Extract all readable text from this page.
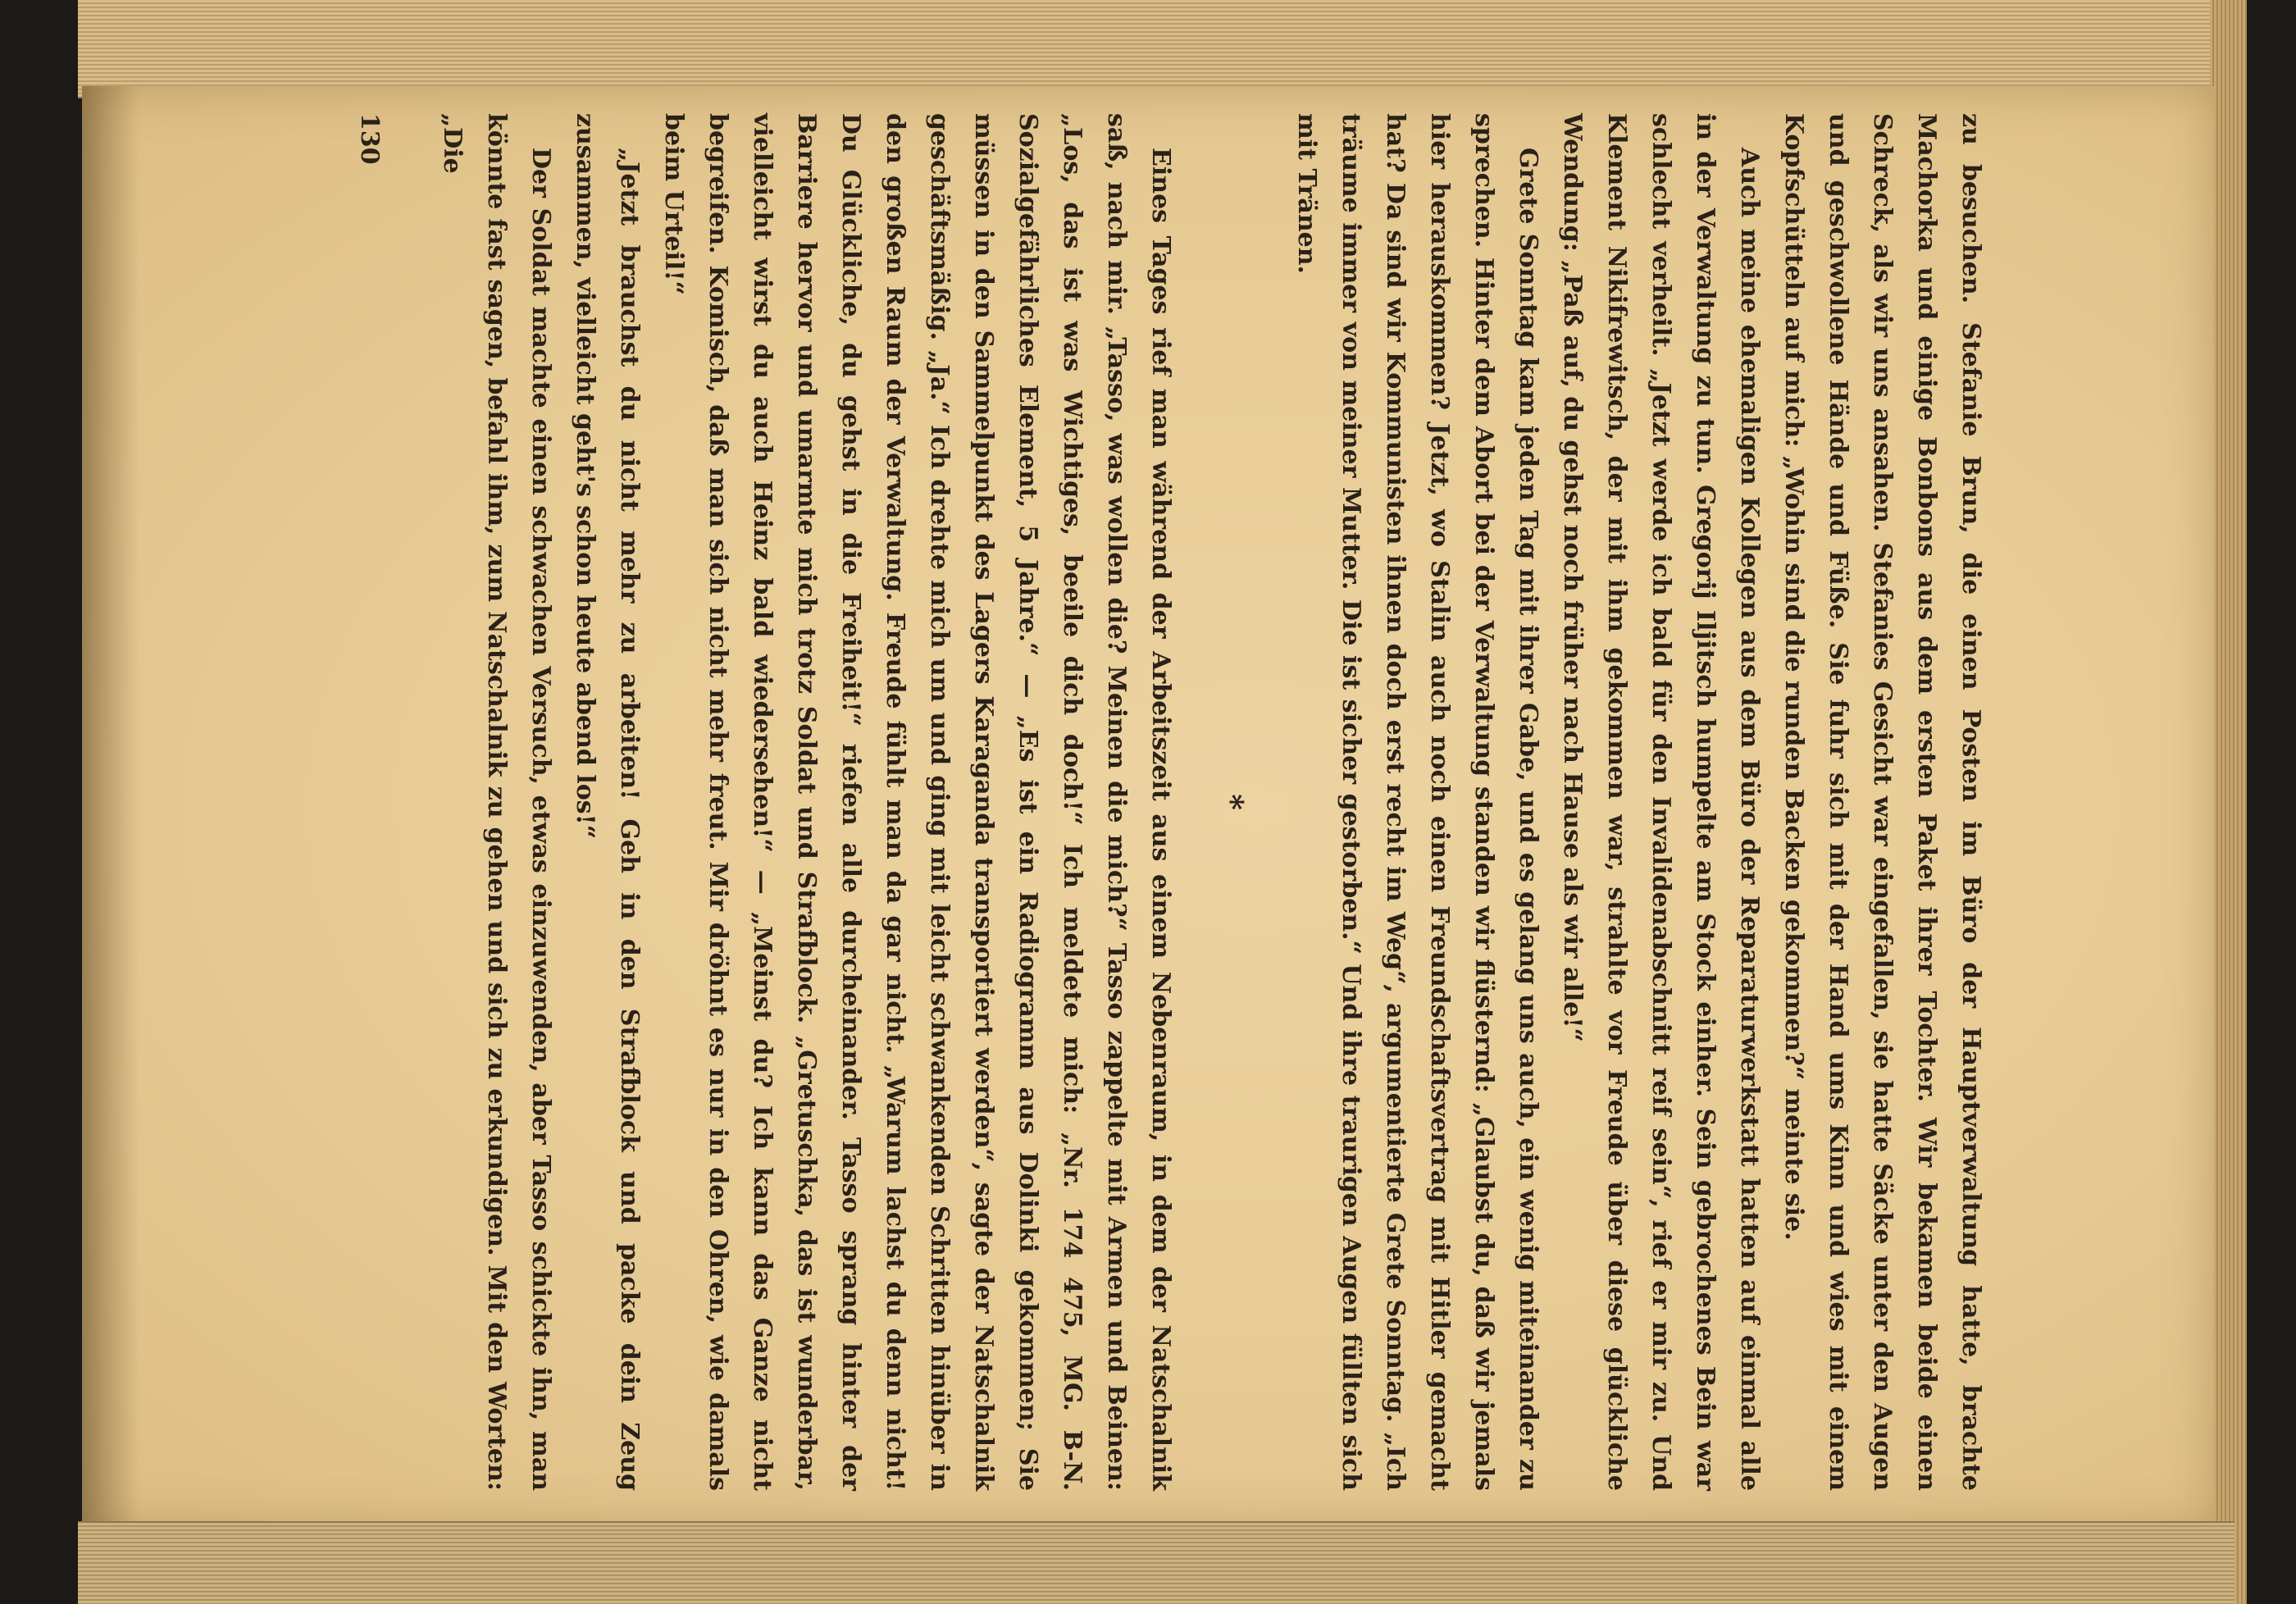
zu besuchen. Stefanie Brun, die einen Posten im Büro der Hauptverwaltung hatte, brachte Machorka und einige Bonbons aus dem ersten Paket ihrer Tochter. Wir bekamen beide einen Schreck, als wir uns ansahen. Stefanies Gesicht war eingefallen, sie hatte Säcke unter den Augen und geschwollene Hände und Füße. Sie fuhr sich mit der Hand ums Kinn und wies mit einem Kopfschütteln auf mich: „Wohin sind die runden Backen gekommen?“ meinte sie.

Auch meine ehemaligen Kollegen aus dem Büro der Reparaturwerkstatt hatten auf einmal alle in der Verwaltung zu tun. Gregorij Iljitsch humpelte am Stock einher. Sein gebrochenes Bein war schlecht verheilt. „Jetzt werde ich bald für den Invalidenabschnitt reif sein“, rief er mir zu. Und Klement Nikifrewitsch, der mit ihm gekommen war, strahlte vor Freude über diese glückliche Wendung: „Paß auf, du gehst noch früher nach Hause als wir alle!“

Grete Sonntag kam jeden Tag mit ihrer Gabe, und es gelang uns auch, ein wenig miteinander zu sprechen. Hinter dem Abort bei der Verwaltung standen wir flüsternd: „Glaubst du, daß wir jemals hier herauskommen? Jetzt, wo Stalin auch noch einen Freundschaftsvertrag mit Hitler gemacht hat? Da sind wir Kommunisten ihnen doch erst recht im Weg“, argumentierte Grete Sonntag. „Ich träume immer von meiner Mutter. Die ist sicher gestorben.“ Und ihre traurigen Augen füllten sich mit Tränen.

*

Eines Tages rief man während der Arbeitszeit aus einem Nebenraum, in dem der Natschalnik saß, nach mir. „Tasso, was wollen die? Meinen die mich?“ Tasso zappelte mit Armen und Beinen: „Los, das ist was Wichtiges, beeile dich doch!“ Ich meldete mich: „Nr. 174 475, MG. B-N. Sozialgefährliches Element, 5 Jahre.“ — „Es ist ein Radiogramm aus Dolinki gekommen; Sie müssen in den Sammelpunkt des Lagers Karaganda transportiert werden“, sagte der Natschalnik geschäftsmäßig. „Ja.“ Ich drehte mich um und ging mit leicht schwankenden Schritten hinüber in den großen Raum der Verwaltung. Freude fühlt man da gar nicht. „Warum lachst du denn nicht! Du Glückliche, du gehst in die Freiheit!“ riefen alle durcheinander. Tasso sprang hinter der Barriere hervor und umarmte mich trotz Soldat und Strafblock. „Gretuschka, das ist wunderbar, vielleicht wirst du auch Heinz bald wiedersehen!“ — „Meinst du? Ich kann das Ganze nicht begreifen. Komisch, daß man sich nicht mehr freut. Mir dröhnt es nur in den Ohren, wie damals beim Urteil!“

„Jetzt brauchst du nicht mehr zu arbeiten! Geh in den Strafblock und packe dein Zeug zusammen, vielleicht geht's schon heute abend los!“

Der Soldat machte einen schwachen Versuch, etwas einzuwenden, aber Tasso schickte ihn, man könnte fast sagen, befahl ihm, zum Natschalnik zu gehen und sich zu erkundigen. Mit den Worten: „Die

130
